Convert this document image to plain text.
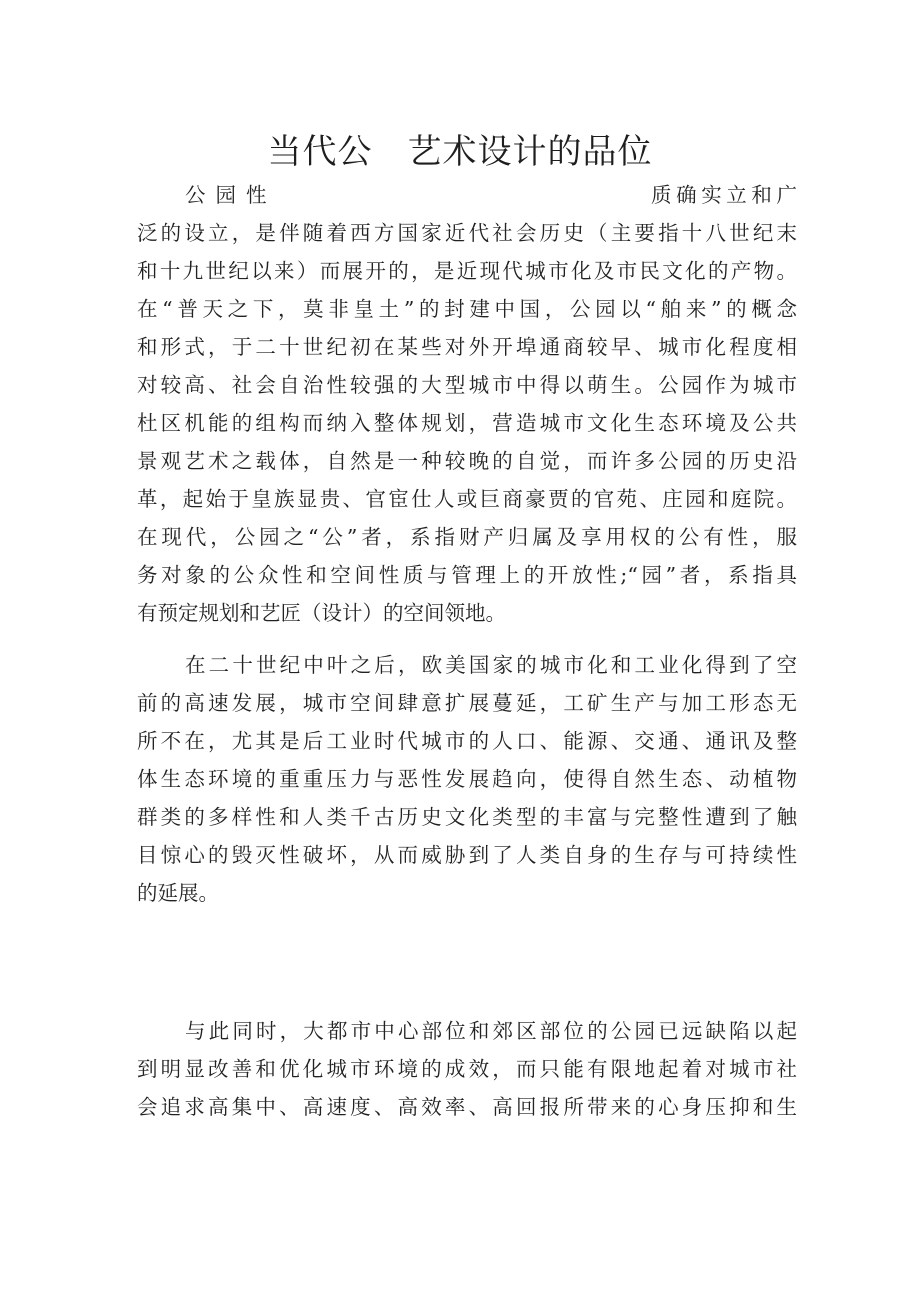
当代公　艺术设计的品位
公园性	质确实立和广
泛的设立，是伴随着西方国家近代社会历史（主要指十八世纪末
和十九世纪以来）而展开的，是近现代城市化及市民文化的产物。
在“普天之下，莫非皇土”的封建中国，公园以“舶来”的概念
和形式，于二十世纪初在某些对外开埠通商较早、城市化程度相
对较高、社会自治性较强的大型城市中得以萌生。公园作为城市
杜区机能的组构而纳入整体规划，营造城市文化生态环境及公共
景观艺术之载体，自然是一种较晚的自觉，而许多公园的历史沿
革，起始于皇族显贵、官宦仕人或巨商豪贾的官苑、庄园和庭院。
在现代，公园之“公”者，系指财产归属及享用权的公有性，服
务对象的公众性和空间性质与管理上的开放性;“园”者，系指具
有预定规划和艺匠（设计）的空间领地。
在二十世纪中叶之后，欧美国家的城市化和工业化得到了空
前的高速发展，城市空间肆意扩展蔓延，工矿生产与加工形态无
所不在，尤其是后工业时代城市的人口、能源、交通、通讯及整
体生态环境的重重压力与恶性发展趋向，使得自然生态、动植物
群类的多样性和人类千古历史文化类型的丰富与完整性遭到了触
目惊心的毁灭性破坏，从而威胁到了人类自身的生存与可持续性
的延展。
与此同时，大都市中心部位和郊区部位的公园已远缺陷以起
到明显改善和优化城市环境的成效，而只能有限地起着对城市社
会追求高集中、高速度、高效率、高回报所带来的心身压抑和生
